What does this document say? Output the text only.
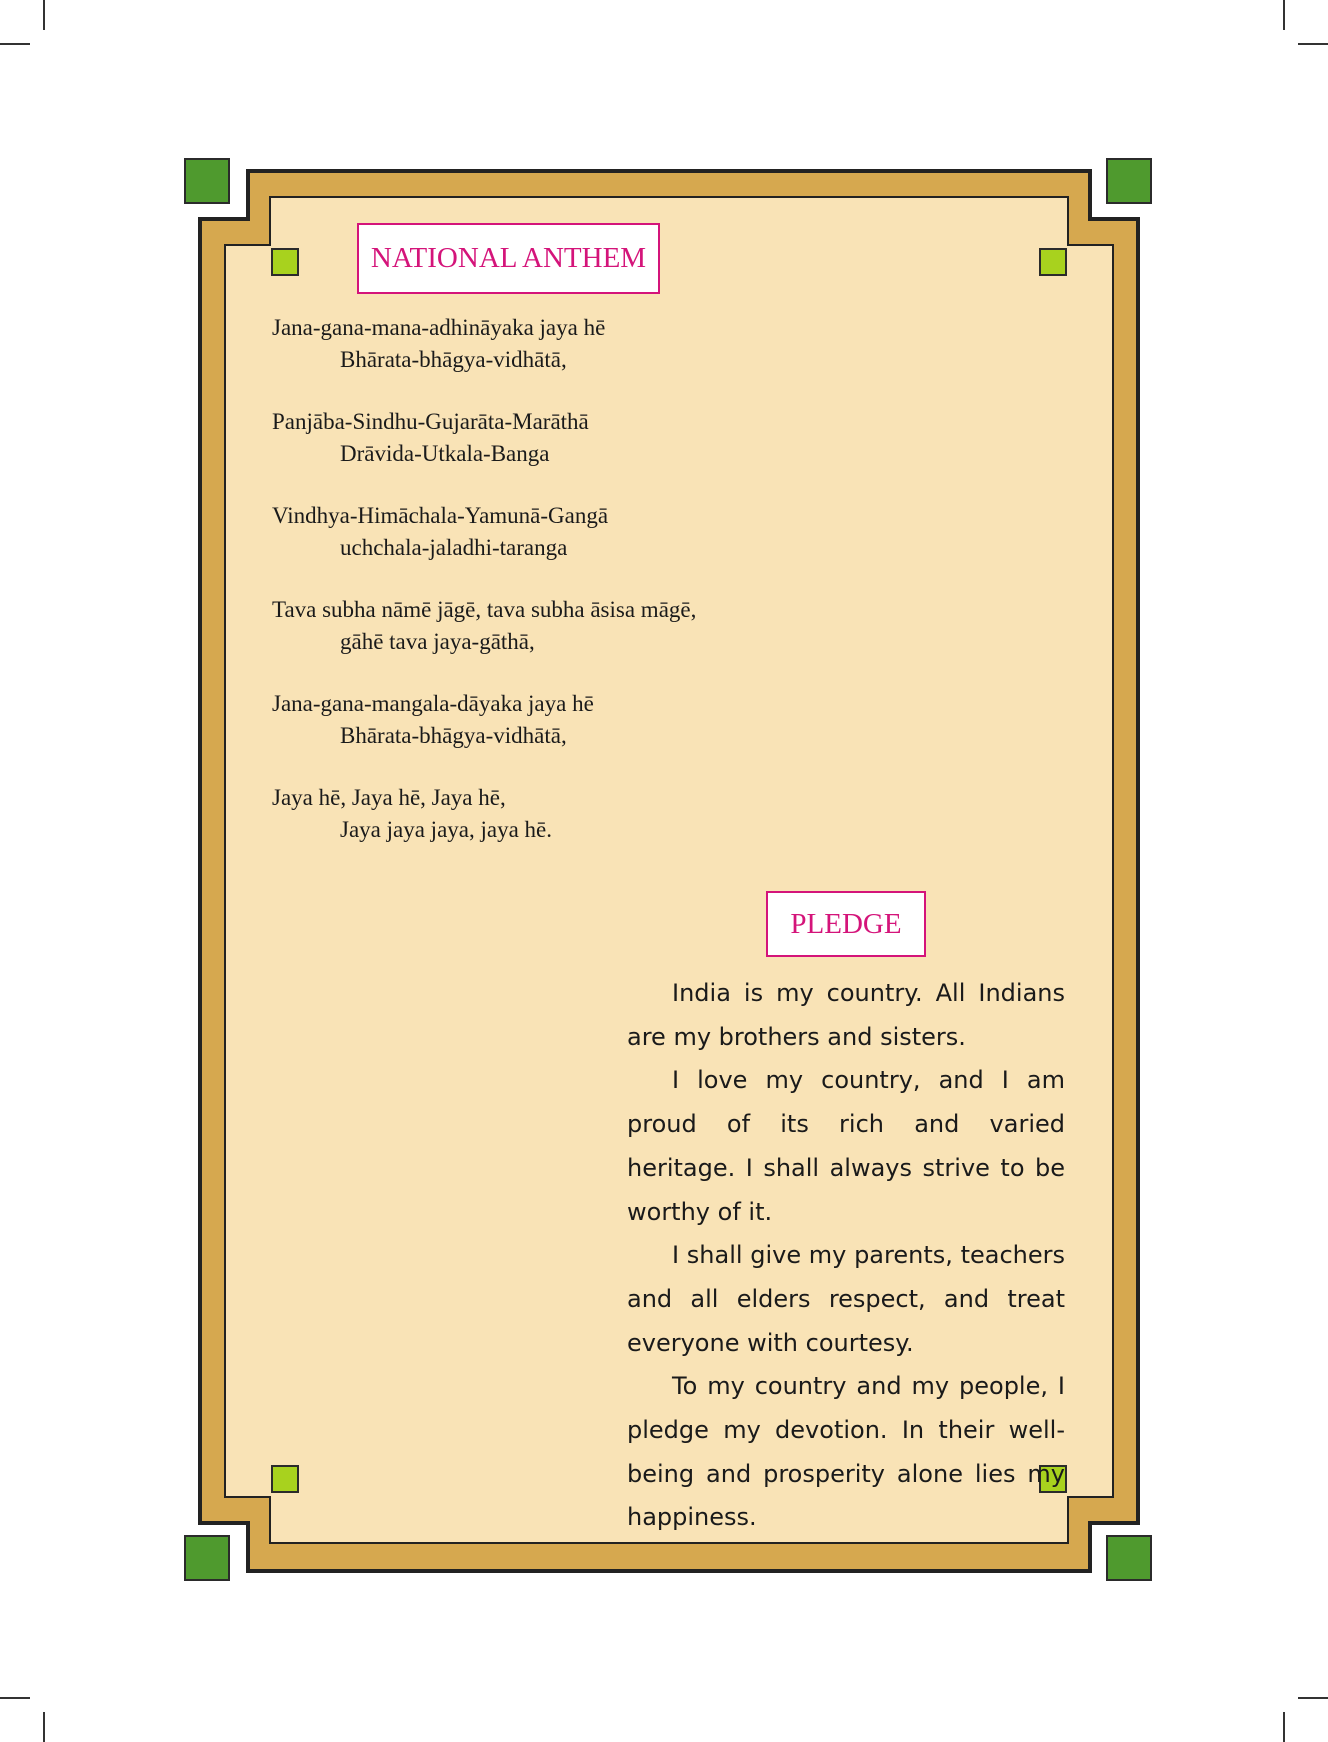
NATIONAL ANTHEM
Jana-gana-mana-adhināyaka jaya hē
Bhārata-bhāgya-vidhātā,
Panjāba-Sindhu-Gujarāta-Marāthā
Drāvida-Utkala-Banga
Vindhya-Himāchala-Yamunā-Gangā
uchchala-jaladhi-taranga
Tava subha nāmē jāgē, tava subha āsisa māgē,
gāhē tava jaya-gāthā,
Jana-gana-mangala-dāyaka jaya hē
Bhārata-bhāgya-vidhātā,
Jaya hē, Jaya hē, Jaya hē,
Jaya jaya jaya, jaya hē.
PLEDGE

India is my country. All Indians are my brothers and sisters.

I love my country, and I am proud of its rich and varied heritage. I shall always strive to be worthy of it.

I shall give my parents, teachers and all elders respect, and treat everyone with courtesy.

To my country and my people, I pledge my devotion. In their well-being and prosperity alone lies my happiness.
